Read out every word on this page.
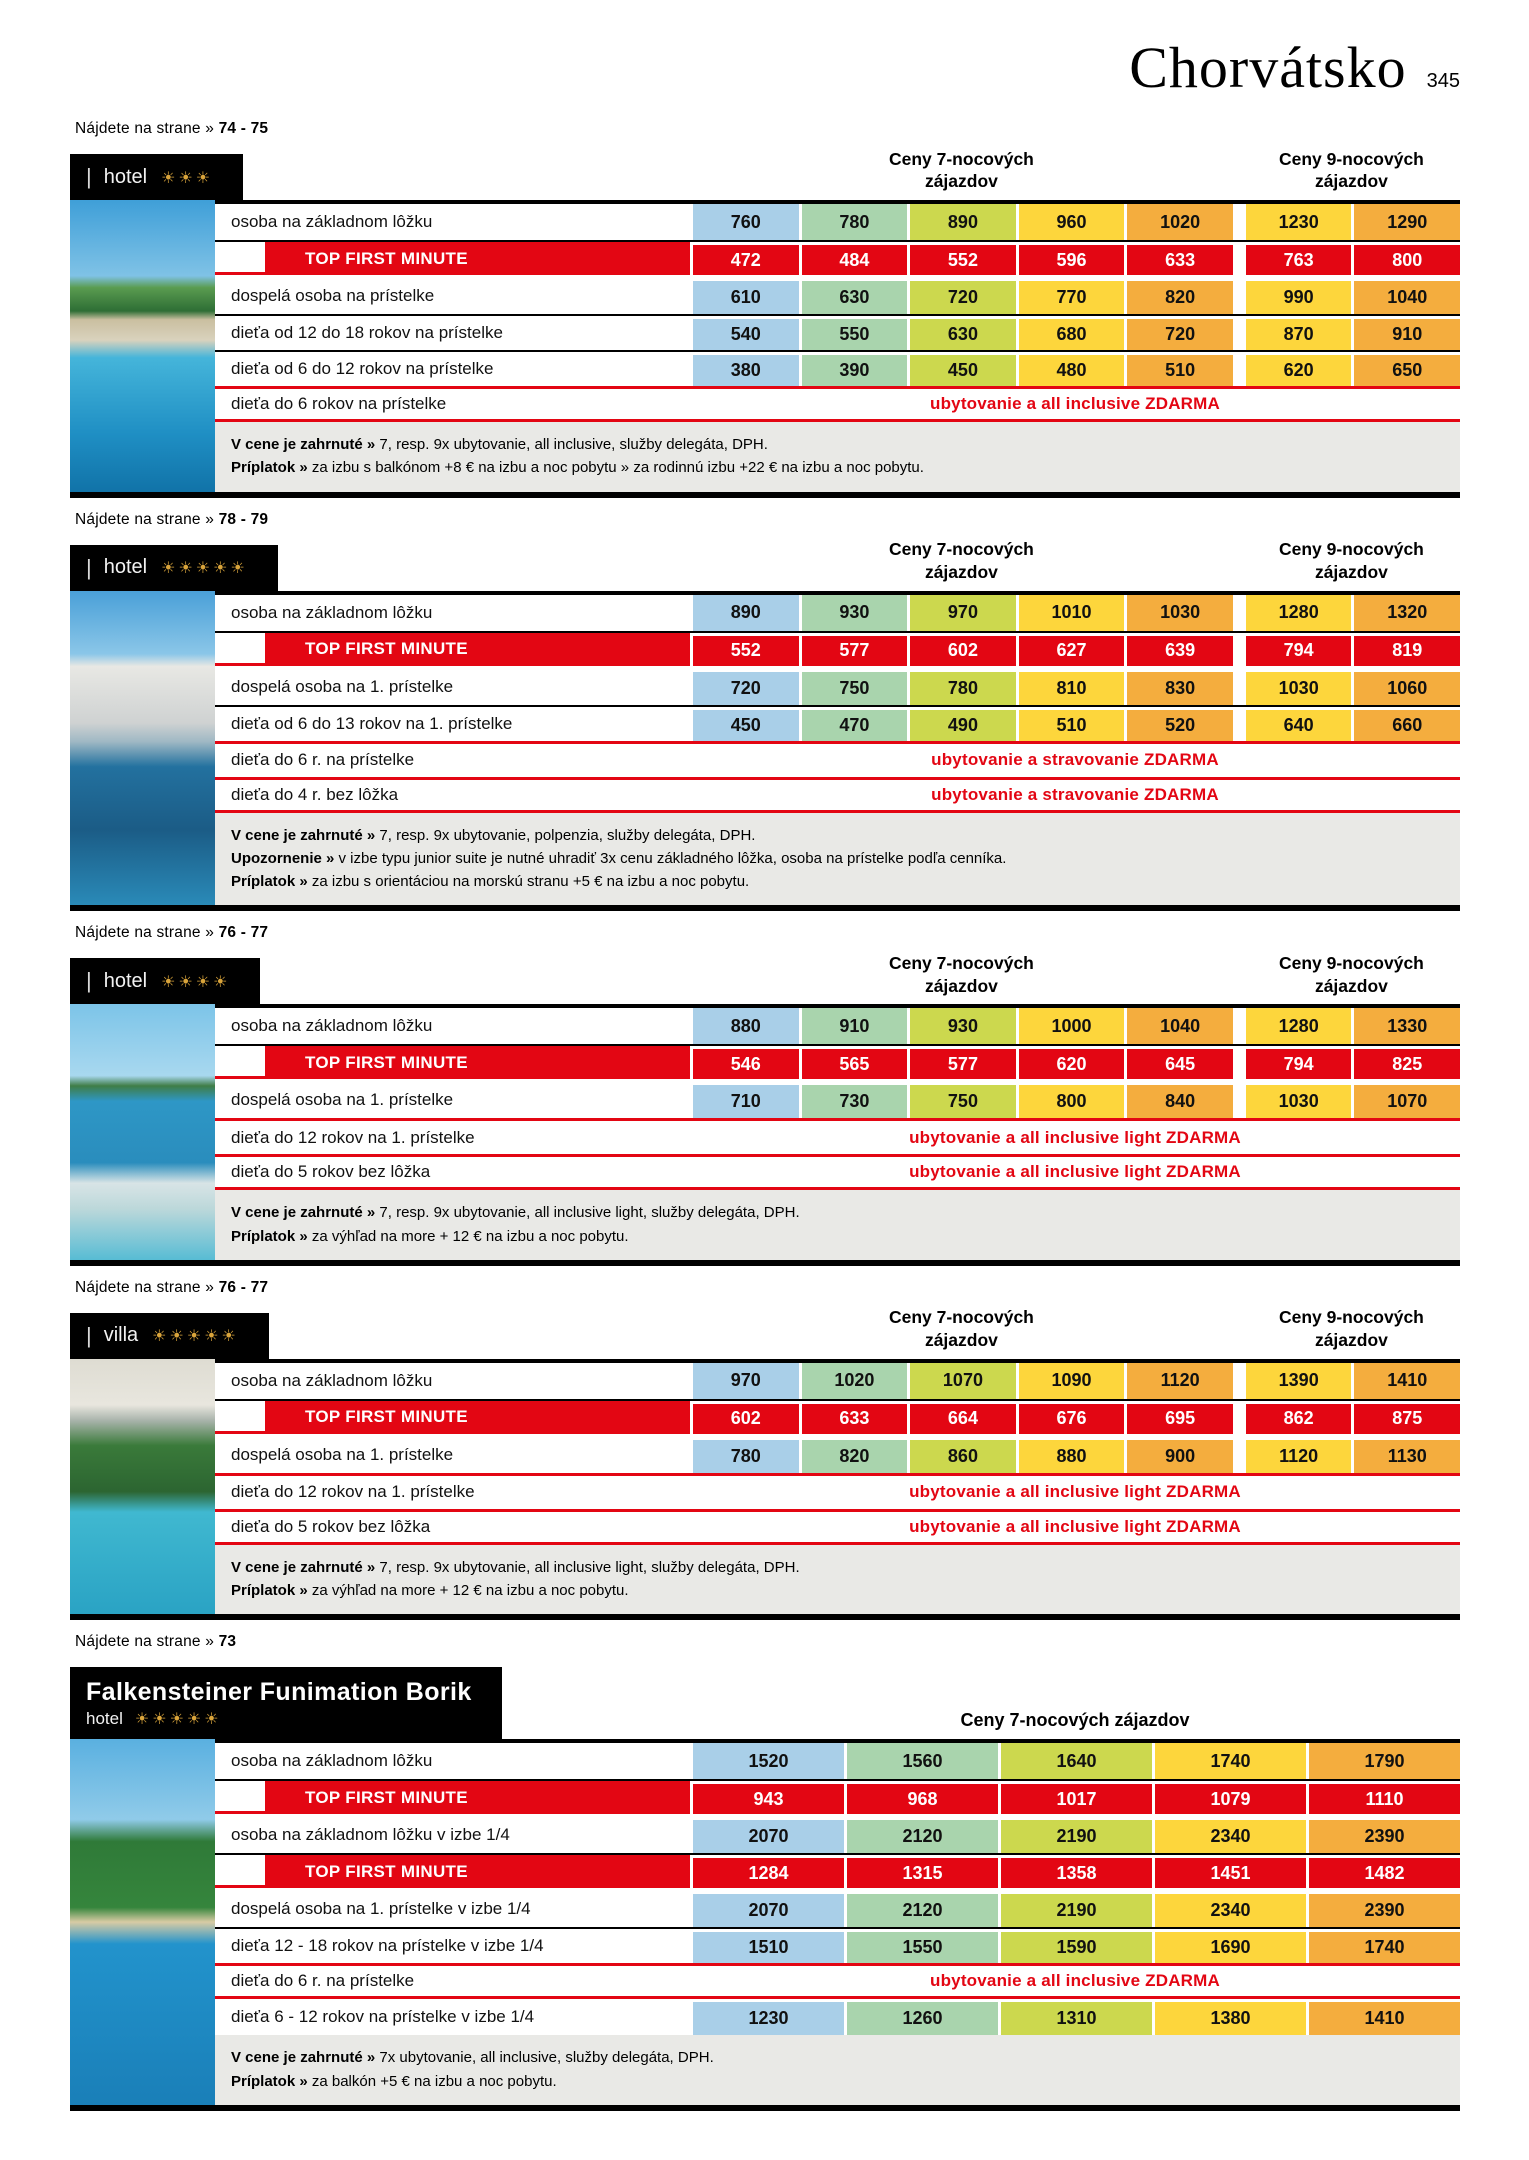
Chorvátsko 345
Nájdete na strane » 74 - 75
| hotel ☀☀☀
Ceny 7-nocových
zájazdov
Ceny 9-nocových
zájazdov
osoba na základnom lôžku	760	780	890	960	1020	1230	1290
TOP FIRST MINUTE	472	484	552	596	633	763	800
dospelá osoba na prístelke	610	630	720	770	820	990	1040
dieťa od 12 do 18 rokov na prístelke	540	550	630	680	720	870	910
dieťa od 6 do 12 rokov na prístelke	380	390	450	480	510	620	650
dieťa do 6 rokov na prístelke	ubytovanie a all inclusive ZDARMA

V cene je zahrnuté » 7, resp. 9x ubytovanie, all inclusive, služby delegáta, DPH.

Príplatok » za izbu s balkónom +8 € na izbu a noc pobytu » za rodinnú izbu +22 € na izbu a noc pobytu.

Nájdete na strane » 78 - 79
| hotel ☀☀☀☀☀
Ceny 7-nocových
zájazdov
Ceny 9-nocových
zájazdov
osoba na základnom lôžku	890	930	970	1010	1030	1280	1320
TOP FIRST MINUTE	552	577	602	627	639	794	819
dospelá osoba na 1. prístelke	720	750	780	810	830	1030	1060
dieťa od 6 do 13 rokov na 1. prístelke	450	470	490	510	520	640	660
dieťa do 6 r. na prístelke	ubytovanie a stravovanie ZDARMA
dieťa do 4 r. bez lôžka	ubytovanie a stravovanie ZDARMA

V cene je zahrnuté » 7, resp. 9x ubytovanie, polpenzia, služby delegáta, DPH.

Upozornenie » v izbe typu junior suite je nutné uhradiť 3x cenu základného lôžka, osoba na prístelke podľa cenníka.

Príplatok » za izbu s orientáciou na morskú stranu +5 € na izbu a noc pobytu.

Nájdete na strane » 76 - 77
| hotel ☀☀☀☀
Ceny 7-nocových
zájazdov
Ceny 9-nocových
zájazdov
osoba na základnom lôžku	880	910	930	1000	1040	1280	1330
TOP FIRST MINUTE	546	565	577	620	645	794	825
dospelá osoba na 1. prístelke	710	730	750	800	840	1030	1070
dieťa do 12 rokov na 1. prístelke	ubytovanie a all inclusive light ZDARMA
dieťa do 5 rokov bez lôžka	ubytovanie a all inclusive light ZDARMA

V cene je zahrnuté » 7, resp. 9x ubytovanie, all inclusive light, služby delegáta, DPH.

Príplatok » za výhľad na more + 12 € na izbu a noc pobytu.

Nájdete na strane » 76 - 77
| villa ☀☀☀☀☀
Ceny 7-nocových
zájazdov
Ceny 9-nocových
zájazdov
osoba na základnom lôžku	970	1020	1070	1090	1120	1390	1410
TOP FIRST MINUTE	602	633	664	676	695	862	875
dospelá osoba na 1. prístelke	780	820	860	880	900	1120	1130
dieťa do 12 rokov na 1. prístelke	ubytovanie a all inclusive light ZDARMA
dieťa do 5 rokov bez lôžka	ubytovanie a all inclusive light ZDARMA

V cene je zahrnuté » 7, resp. 9x ubytovanie, all inclusive light, služby delegáta, DPH.

Príplatok » za výhľad na more + 12 € na izbu a noc pobytu.

Nájdete na strane » 73
Falkensteiner Funimation Borik
hotel ☀☀☀☀☀	Ceny 7-nocových zájazdov
osoba na základnom lôžku	1520	1560	1640	1740	1790
TOP FIRST MINUTE	943	968	1017	1079	1110
osoba na základnom lôžku v izbe 1/4	2070	2120	2190	2340	2390
TOP FIRST MINUTE	1284	1315	1358	1451	1482
dospelá osoba na 1. prístelke v izbe 1/4	2070	2120	2190	2340	2390
dieťa 12 - 18 rokov na prístelke v izbe 1/4	1510	1550	1590	1690	1740
dieťa do 6 r. na prístelke	ubytovanie a all inclusive ZDARMA
dieťa 6 - 12 rokov na prístelke v izbe 1/4	1230	1260	1310	1380	1410

V cene je zahrnuté » 7x ubytovanie, all inclusive, služby delegáta, DPH.

Príplatok » za balkón +5 € na izbu a noc pobytu.
